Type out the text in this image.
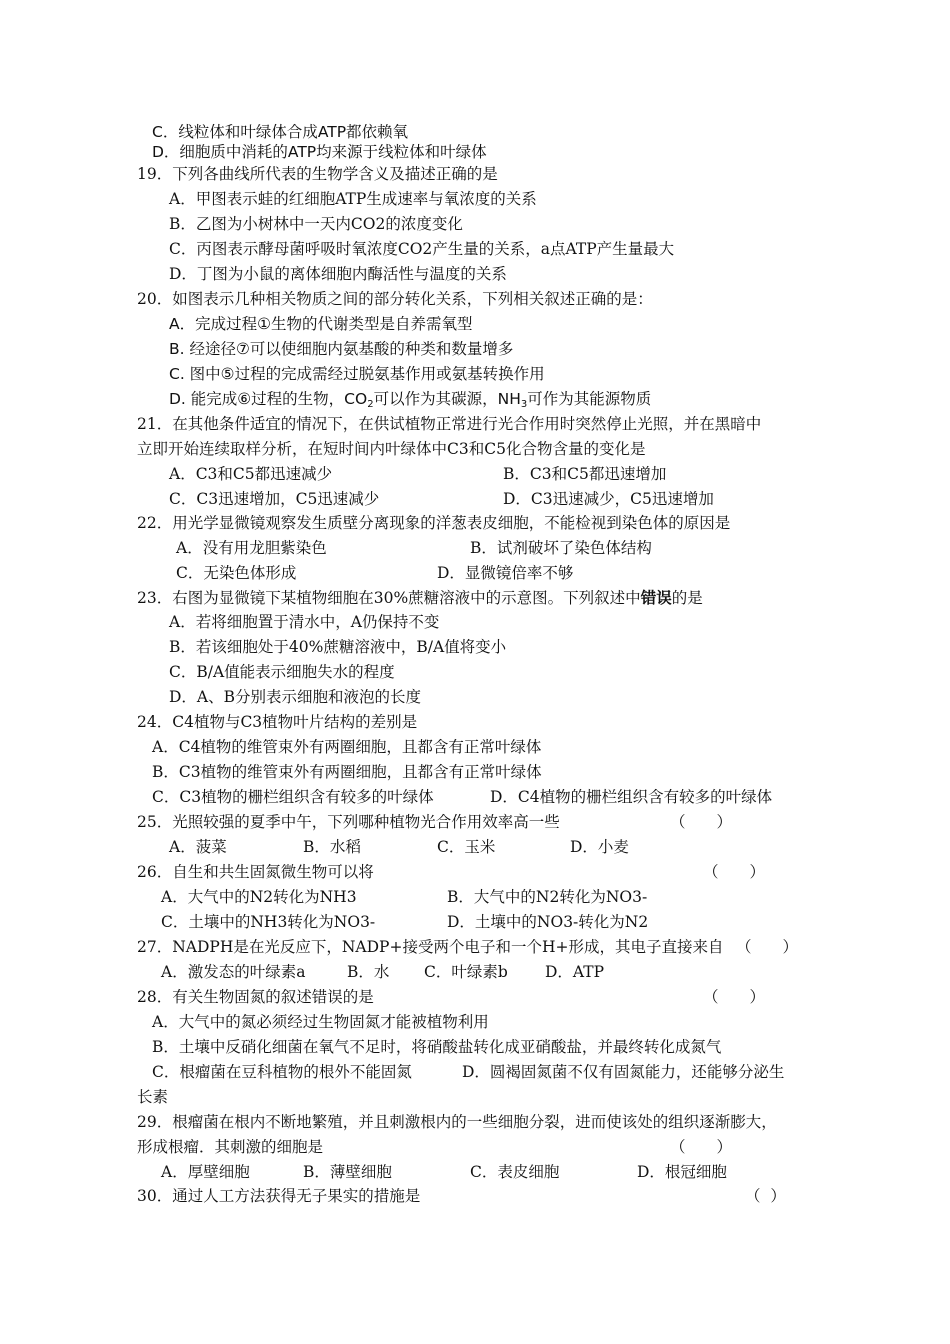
C．线粒体和叶绿体合成ATP都依赖氧
D．细胞质中消耗的ATP均来源于线粒体和叶绿体
19．下列各曲线所代表的生物学含义及描述正确的是
A．甲图表示蛙的红细胞ATP生成速率与氧浓度的关系
B．乙图为小树林中一天内CO2的浓度变化
C．丙图表示酵母菌呼吸时氧浓度CO2产生量的关系，a点ATP产生量最大
D．丁图为小鼠的离体细胞内酶活性与温度的关系
20．如图表示几种相关物质之间的部分转化关系，下列相关叙述正确的是：
A．完成过程①生物的代谢类型是自养需氧型
B. 经途径⑦可以使细胞内氨基酸的种类和数量增多
C. 图中⑤过程的完成需经过脱氨基作用或氨基转换作用
D. 能完成⑥过程的生物，$CO_2$可以作为其碳源，$NH_3$可作为其能源物质
21．在其他条件适宜的情况下，在供试植物正常进行光合作用时突然停止光照，并在黑暗中
立即开始连续取样分析，在短时间内叶绿体中C3和C5化合物含量的变化是
A．C3和C5都迅速减少	B．C3和C5都迅速增加
C．C3迅速增加，C5迅速减少	D．C3迅速减少，C5迅速增加
22．用光学显微镜观察发生质壁分离现象的洋葱表皮细胞，不能检视到染色体的原因是
A．没有用龙胆紫染色	B．试剂破坏了染色体结构
C．无染色体形成	D．显微镜倍率不够
23．右图为显微镜下某植物细胞在30%蔗糖溶液中的示意图。下列叙述中错误的是
A．若将细胞置于清水中，A仍保持不变
B．若该细胞处于40%蔗糖溶液中，B/A值将变小
C．B/A值能表示细胞失水的程度
D．A、B分别表示细胞和液泡的长度
24．C4植物与C3植物叶片结构的差别是
A．C4植物的维管束外有两圈细胞，且都含有正常叶绿体
B．C3植物的维管束外有两圈细胞，且都含有正常叶绿体
C．C3植物的栅栏组织含有较多的叶绿体	D．C4植物的栅栏组织含有较多的叶绿体
25．光照较强的夏季中午，下列哪种植物光合作用效率高一些	（　　）
A．菠菜	B．水稻	C．玉米	D．小麦
26．自生和共生固氮微生物可以将	（　　）
A．大气中的N2转化为NH3	B．大气中的N2转化为NO3-
C．土壤中的NH3转化为NO3-	D．土壤中的NO3-转化为N2
27．NADPH是在光反应下，NADP+接受两个电子和一个H+形成，其电子直接来自 （　　）
A．激发态的叶绿素a	B．水 C．叶绿素b D．ATP
28．有关生物固氮的叙述错误的是	（　　）
A．大气中的氮必须经过生物固氮才能被植物利用
B．土壤中反硝化细菌在氧气不足时，将硝酸盐转化成亚硝酸盐，并最终转化成氮气
C．根瘤菌在豆科植物的根外不能固氮	D．圆褐固氮菌不仅有固氮能力，还能够分泌生
长素
29．根瘤菌在根内不断地繁殖，并且刺激根内的一些细胞分裂，进而使该处的组织逐渐膨大，
形成根瘤．其刺激的细胞是	（　　）
A．厚壁细胞	B．薄壁细胞	C．表皮细胞	D．根冠细胞
30．通过人工方法获得无子果实的措施是	（  ）
